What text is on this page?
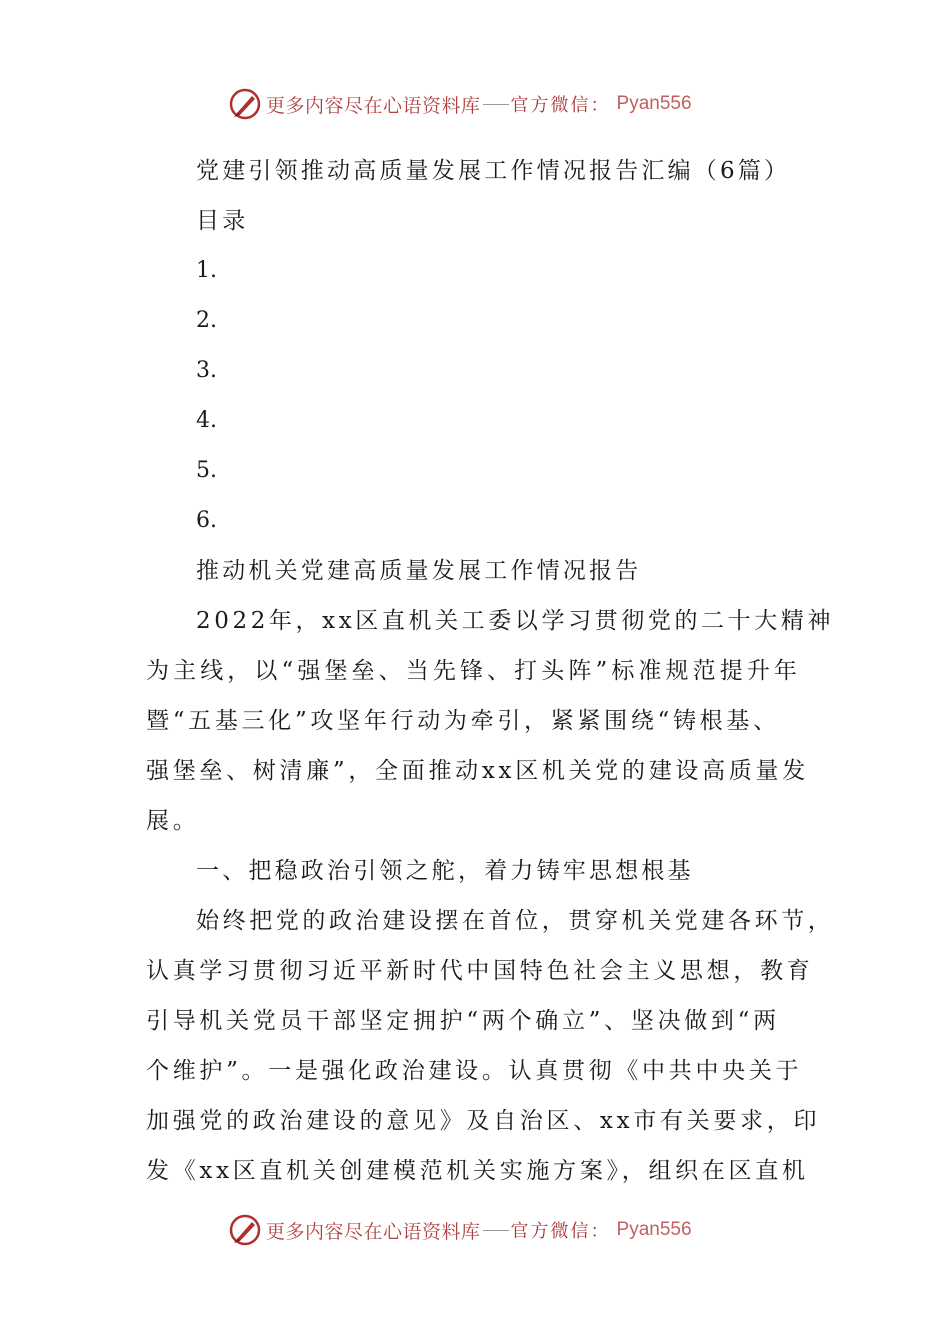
更多内容尽在心语资料库 官方微信： Pyan556
党建引领推动高质量发展工作情况报告汇编（6篇）
目录
1.
2.
3.
4.
5.
6.
推动机关党建高质量发展工作情况报告
2022年，xx区直机关工委以学习贯彻党的二十大精神
为主线，以“强堡垒、当先锋、打头阵”标准规范提升年
暨“五基三化”攻坚年行动为牵引，紧紧围绕“铸根基、
强堡垒、树清廉”，全面推动xx区机关党的建设高质量发
展。
一、把稳政治引领之舵，着力铸牢思想根基
始终把党的政治建设摆在首位，贯穿机关党建各环节，
认真学习贯彻习近平新时代中国特色社会主义思想，教育
引导机关党员干部坚定拥护“两个确立”、坚决做到“两
个维护”。一是强化政治建设。认真贯彻《中共中央关于
加强党的政治建设的意见》及自治区、xx市有关要求，印
发《xx区直机关创建模范机关实施方案》，组织在区直机
更多内容尽在心语资料库 官方微信： Pyan556
